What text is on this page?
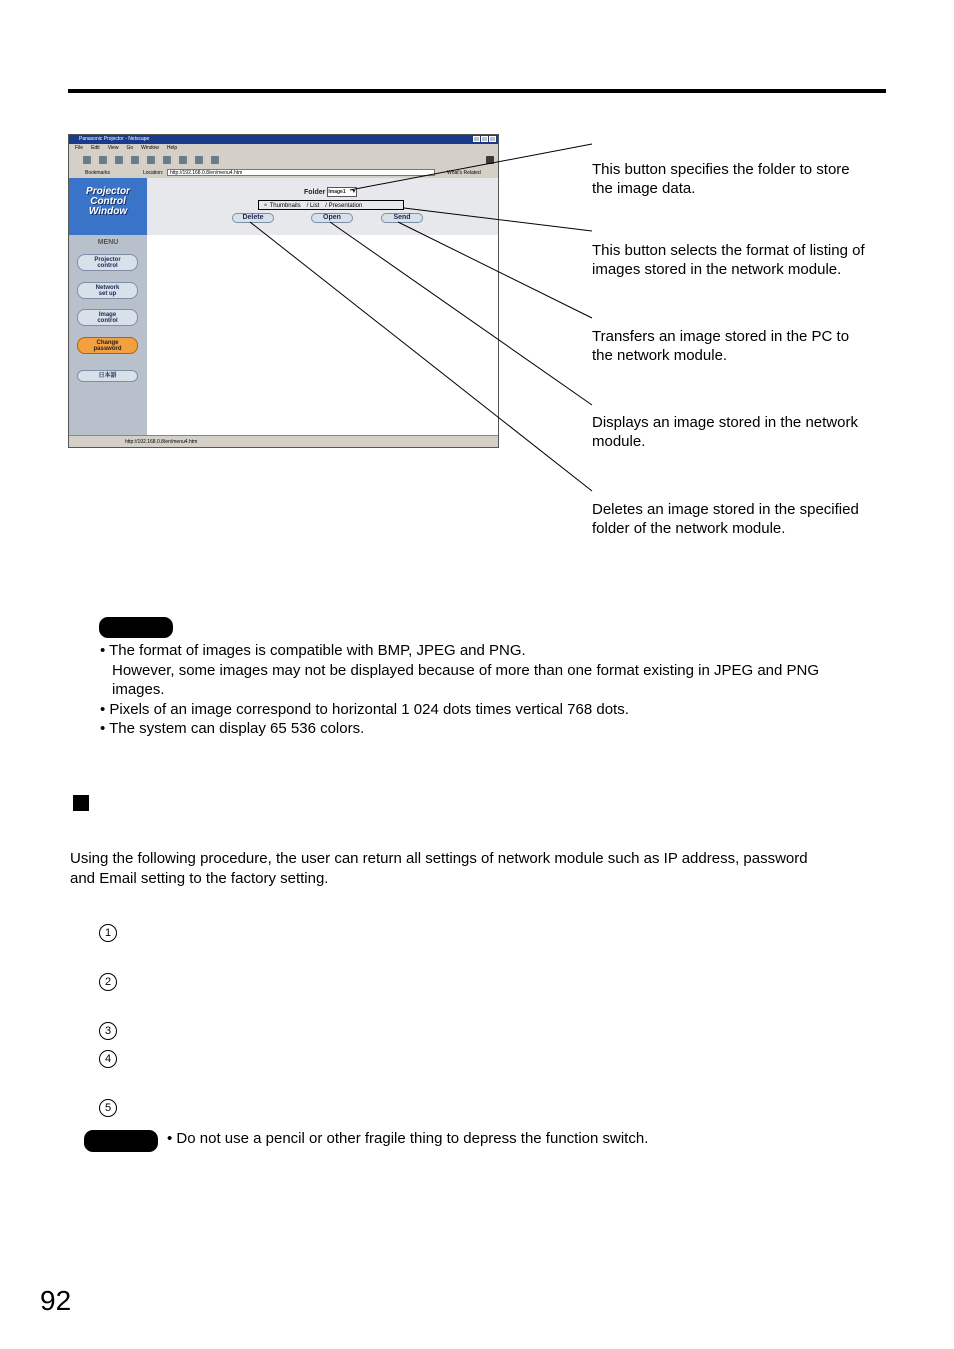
Panasonic Projector - Netscape
File Edit View Go Window Help
Bookmarks	Location:	http://192.168.0.8/en/menu4.htm	What's Related
Projector
Control
Window
MENU
Projector
control
Network
set up
Image
control
Change
password
日本語
Folder Image1 ▾
⚬ Thumbnails / List / Presentation
Delete	Open	Send
http://192.168.0.8/en/menu4.htm
This button specifies the folder to store
the image data.
This button selects the format of listing of
images stored in the network module.
Transfers an image stored in the PC to
the network module.
Displays an image stored in the network
module.
Deletes an image stored in the specified
folder of the network module.

• The format of images is compatible with BMP, JPEG and PNG.

However, some images may not be displayed because of more than one format existing in JPEG and PNG

images.

• Pixels of an image correspond to horizontal 1 024 dots times vertical 768 dots.

• The system can display 65 536 colors.

Using the following procedure, the user can return all settings of network module such as IP address, password
and Email setting to the factory setting.
1
2
3
4
5
• Do not use a pencil or other fragile thing to depress the function switch.
92
